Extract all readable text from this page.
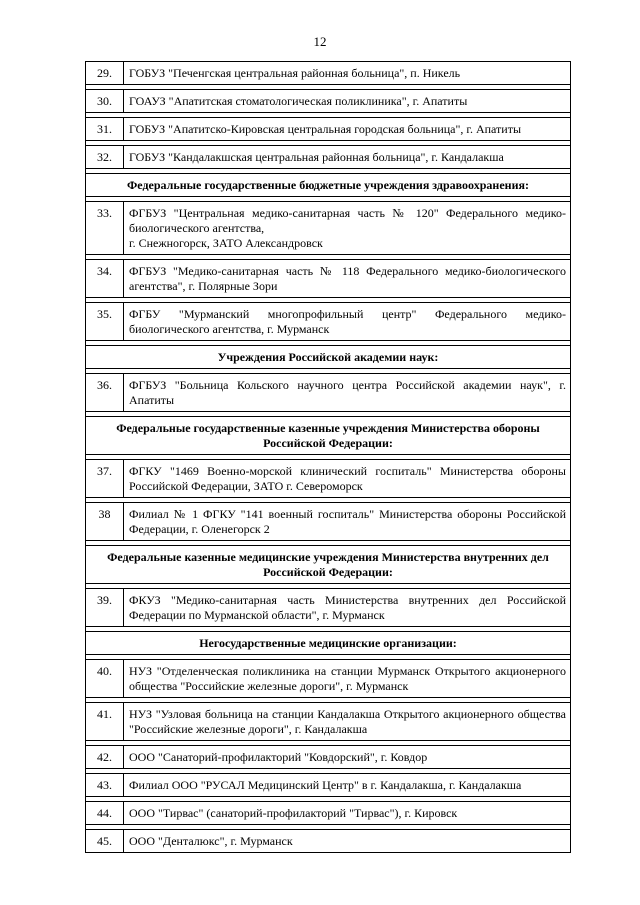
12
29.	ГОБУЗ "Печенгская центральная районная больница", п. Никель

30.	ГОАУЗ "Апатитская стоматологическая поликлиника", г. Апатиты

31.	ГОБУЗ "Апатитско-Кировская центральная городская больница", г. Апатиты

32.	ГОБУЗ "Кандалакшская центральная районная больница", г. Кандалакша

Федеральные государственные бюджетные учреждения здравоохранения:	

33.	ФГБУЗ "Центральная медико-санитарная часть № 120" Федерального медико-биологического агентства,
г. Снежногорск, ЗАТО Александровск

34.	ФГБУЗ "Медико-санитарная часть № 118 Федерального медико-биологического агентства", г. Полярные Зори

35.	ФГБУ "Мурманский многопрофильный центр" Федерального медико-биологического агентства, г. Мурманск

Учреждения Российской академии наук:	

36.	ФГБУЗ "Больница Кольского научного центра Российской академии наук", г. Апатиты

Федеральные государственные казенные учреждения Министерства обороны Российской Федерации:	

37.	ФГКУ "1469 Военно-морской клинический госпиталь" Министерства обороны Российской Федерации, ЗАТО г. Североморск

38	Филиал № 1 ФГКУ "141 военный госпиталь" Министерства обороны Российской Федерации, г. Оленегорск 2

Федеральные казенные медицинские учреждения Министерства внутренних дел Российской Федерации:	

39.	ФКУЗ "Медико-санитарная часть Министерства внутренних дел Российской Федерации по Мурманской области", г. Мурманск

Негосударственные медицинские организации:	

40.	НУЗ "Отделенческая поликлиника на станции Мурманск Открытого акционерного общества "Российские железные дороги", г. Мурманск

41.	НУЗ "Узловая больница на станции Кандалакша Открытого акционерного общества "Российские железные дороги", г. Кандалакша

42.	ООО "Санаторий-профилакторий "Ковдорский", г. Ковдор

43.	Филиал ООО "РУСАЛ Медицинский Центр" в г. Кандалакша, г. Кандалакша

44.	ООО "Тирвас" (санаторий-профилакторий "Тирвас"), г. Кировск

45.	ООО "Денталюкс", г. Мурманск
